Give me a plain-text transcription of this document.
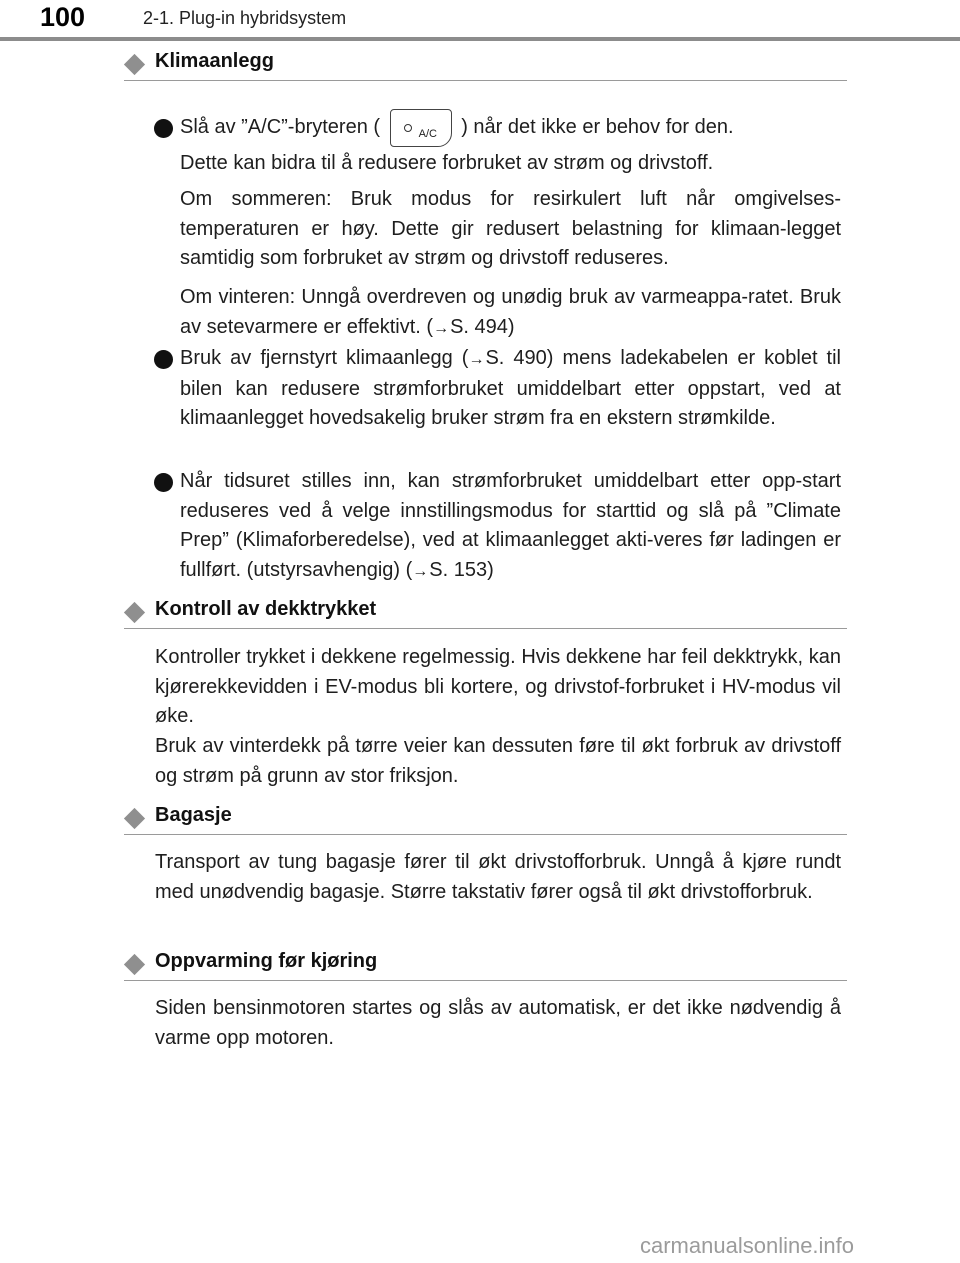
100	2-1. Plug-in hybridsystem
Klimaanlegg
Slå av ”A/C”-bryteren (	A/C ) når det ikke er behov for den.
Dette kan bidra til å redusere forbruket av strøm og drivstoff.
Om sommeren: Bruk modus for resirkulert luft når omgivelses-temperaturen er høy. Dette gir redusert belastning for klimaan-legget samtidig som forbruket av strøm og drivstoff reduseres.
Om vinteren: Unngå overdreven og unødig bruk av varmeappa-ratet. Bruk av setevarmere er effektivt. (→S. 494)
Bruk av fjernstyrt klimaanlegg (→S. 490) mens ladekabelen er koblet til bilen kan redusere strømforbruket umiddelbart etter oppstart, ved at klimaanlegget hovedsakelig bruker strøm fra en ekstern strømkilde.
Når tidsuret stilles inn, kan strømforbruket umiddelbart etter opp-start reduseres ved å velge innstillingsmodus for starttid og slå på ”Climate Prep” (Klimaforberedelse), ved at klimaanlegget akti-veres før ladingen er fullført. (utstyrsavhengig) (→S. 153)
Kontroll av dekktrykket
Kontroller trykket i dekkene regelmessig. Hvis dekkene har feil dekktrykk, kan kjørerekkevidden i EV-modus bli kortere, og drivstof-forbruket i HV-modus vil øke.
Bruk av vinterdekk på tørre veier kan dessuten føre til økt forbruk av drivstoff og strøm på grunn av stor friksjon.
Bagasje
Transport av tung bagasje fører til økt drivstofforbruk. Unngå å kjøre rundt med unødvendig bagasje. Større takstativ fører også til økt drivstofforbruk.
Oppvarming før kjøring
Siden bensinmotoren startes og slås av automatisk, er det ikke nødvendig å varme opp motoren.
carmanualsonline.info
